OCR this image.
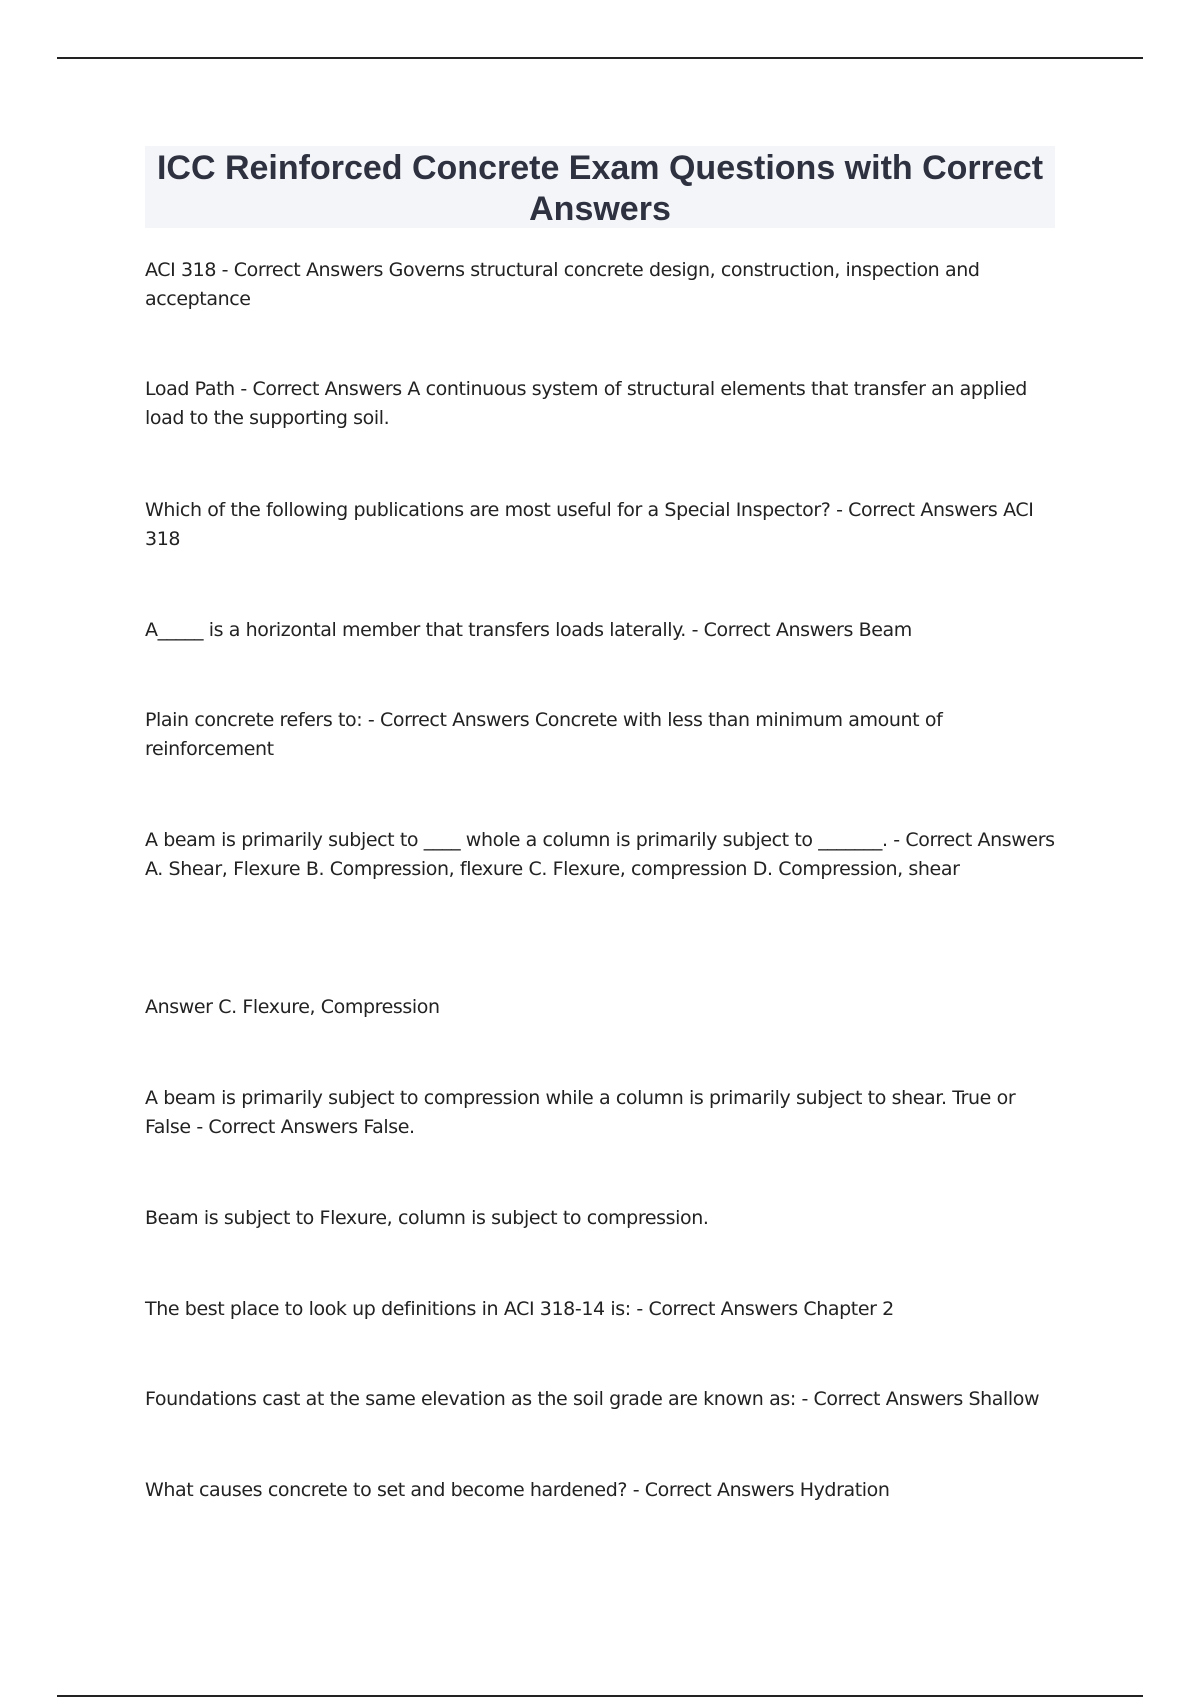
ICC Reinforced Concrete Exam Questions with Correct Answers

ACI 318 - Correct Answers Governs structural concrete design, construction, inspection and acceptance

Load Path - Correct Answers A continuous system of structural elements that transfer an applied load to the supporting soil.

Which of the following publications are most useful for a Special Inspector? - Correct Answers ACI 318

A_____ is a horizontal member that transfers loads laterally. - Correct Answers Beam

Plain concrete refers to: - Correct Answers Concrete with less than minimum amount of reinforcement

A beam is primarily subject to ____ whole a column is primarily subject to _______. - Correct Answers A. Shear, Flexure B. Compression, flexure C. Flexure, compression D. Compression, shear

Answer C. Flexure, Compression

A beam is primarily subject to compression while a column is primarily subject to shear. True or False - Correct Answers False.

Beam is subject to Flexure, column is subject to compression.

The best place to look up definitions in ACI 318-14 is: - Correct Answers Chapter 2

Foundations cast at the same elevation as the soil grade are known as: - Correct Answers Shallow

What causes concrete to set and become hardened? - Correct Answers Hydration
